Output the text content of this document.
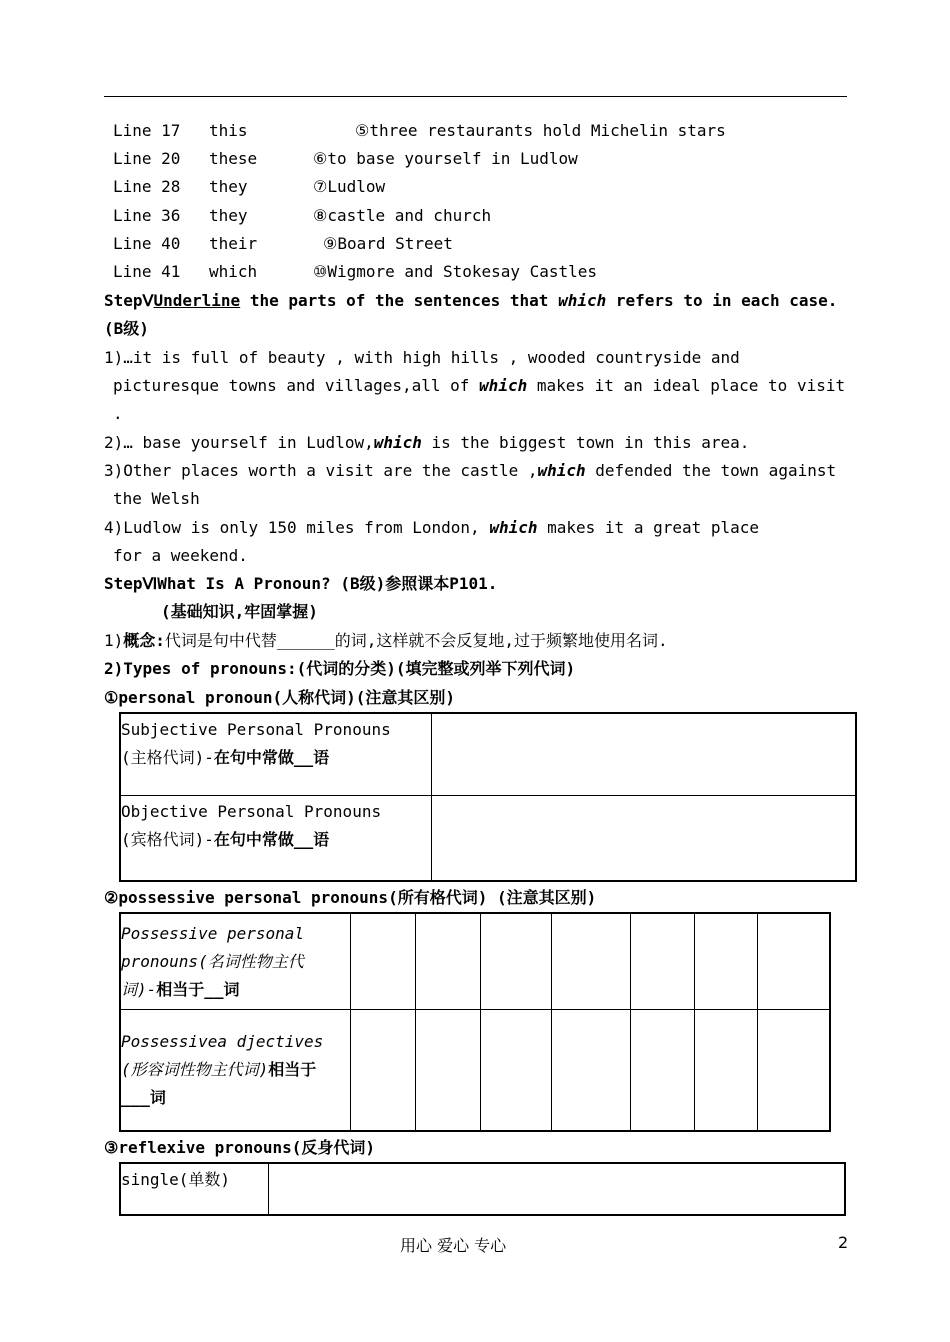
Line 17 this	⑤three restaurants hold Michelin stars
Line 20 these	⑥to base yourself in Ludlow
Line 28 they	⑦Ludlow
Line 36 they	⑧castle and church
Line 40 their	⑨Board Street
Line 41 which	⑩Wigmore and Stokesay Castles
StepⅤUnderline the parts of the sentences that which refers to in each case.
(B级)
1)…it is full of beauty , with high hills , wooded countryside and
picturesque towns and villages,all of which makes it an ideal place to visit
.
2)… base yourself in Ludlow,which is the biggest town in this area.
3)Other places worth a visit are the castle ,which defended the town against
the Welsh
4)Ludlow is only 150 miles from London, which makes it a great place
for a weekend.
StepⅥWhat Is A Pronoun? (B级)参照课本P101.
(基础知识,牢固掌握)
1)概念:代词是句中代替______的词,这样就不会反复地,过于频繁地使用名词.
2)Types of pronouns:(代词的分类)(填完整或列举下列代词)
①personal pronoun(人称代词)(注意其区别)
Subjective Personal Pronouns
(主格代词)-在句中常做__语	

Objective Personal Pronouns
(宾格代词)-在句中常做__语	

②possessive personal pronouns(所有格代词) (注意其区别)
Possessive personal
pronouns(名词性物主代
词)-相当于__词							

Possessivea djectives
(形容词性物主代词)相当于
___词							

③reflexive pronouns(反身代词)
single(单数)

用心 爱心 专心	2
